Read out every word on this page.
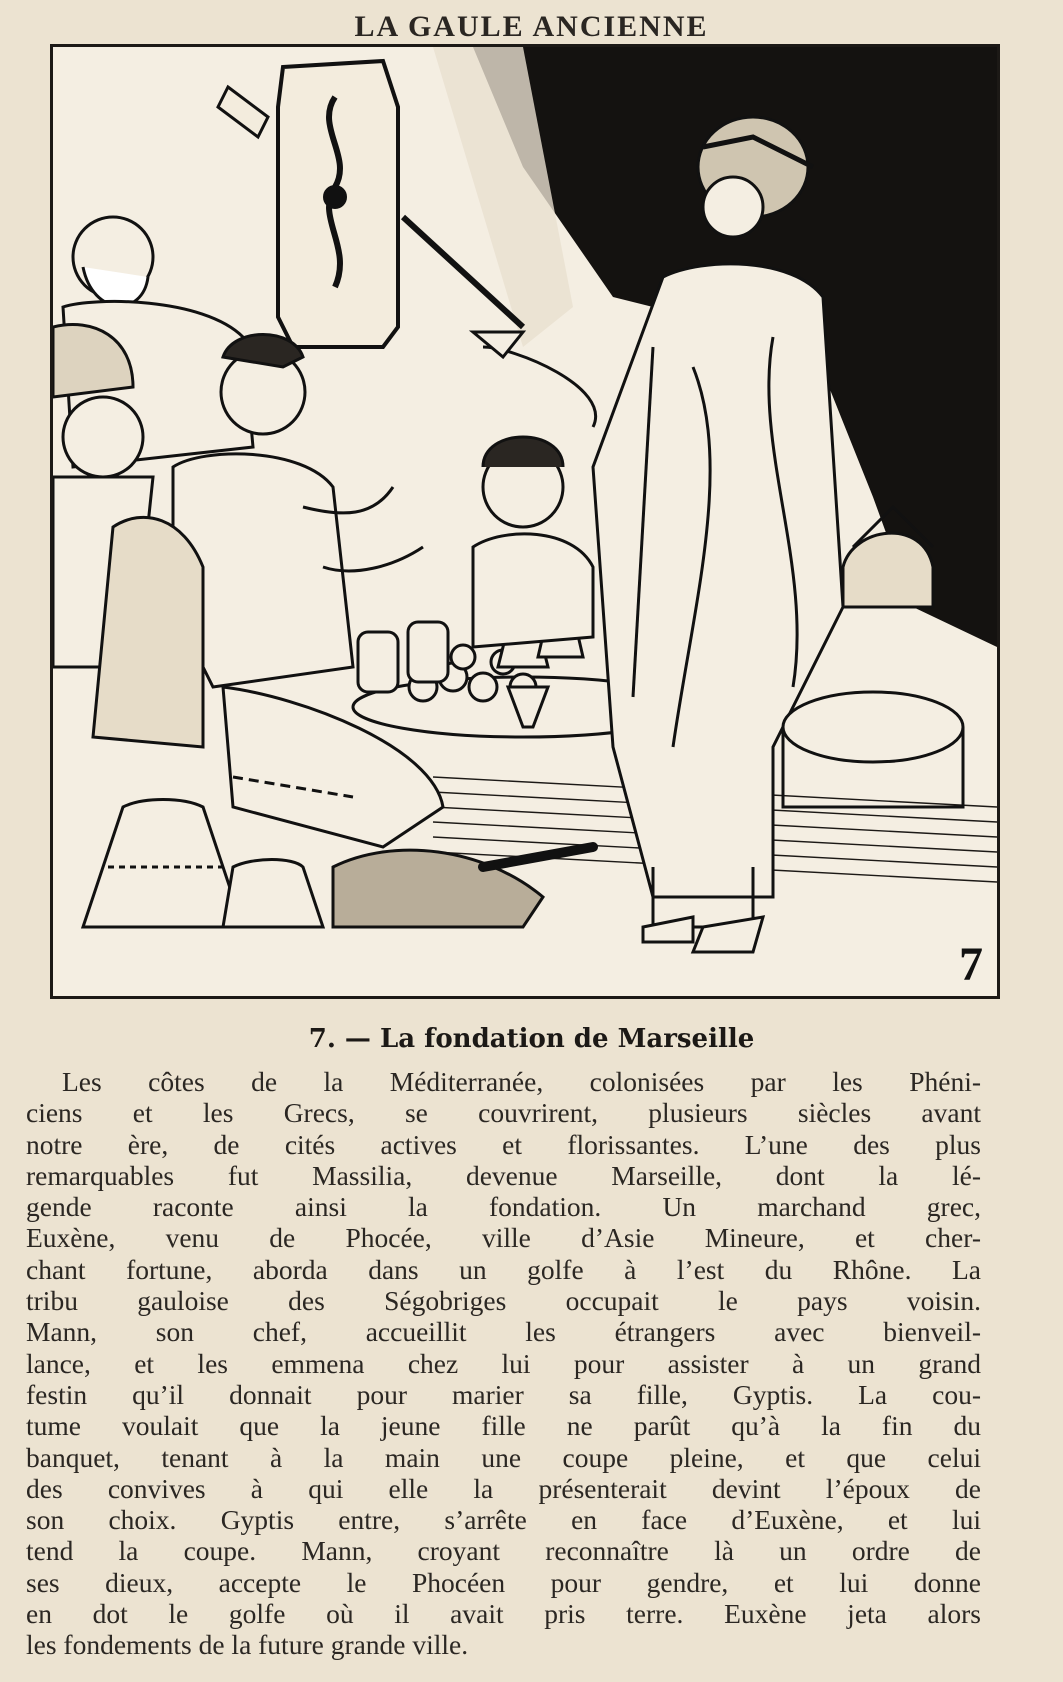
LA GAULE ANCIENNE
7
7. — La fondation de Marseille
Les côtes de la Méditerranée, colonisées par les Phéni-
ciens et les Grecs, se couvrirent, plusieurs siècles avant
notre ère, de cités actives et florissantes. L’une des plus
remarquables fut Massilia, devenue Marseille, dont la lé-
gende raconte ainsi la fondation. Un marchand grec,
Euxène, venu de Phocée, ville d’Asie Mineure, et cher-
chant fortune, aborda dans un golfe à l’est du Rhône. La
tribu gauloise des Ségobriges occupait le pays voisin.
Mann, son chef, accueillit les étrangers avec bienveil-
lance, et les emmena chez lui pour assister à un grand
festin qu’il donnait pour marier sa fille, Gyptis. La cou-
tume voulait que la jeune fille ne parût qu’à la fin du
banquet, tenant à la main une coupe pleine, et que celui
des convives à qui elle la présenterait devint l’époux de
son choix. Gyptis entre, s’arrête en face d’Euxène, et lui
tend la coupe. Mann, croyant reconnaître là un ordre de
ses dieux, accepte le Phocéen pour gendre, et lui donne
en dot le golfe où il avait pris terre. Euxène jeta alors
les fondements de la future grande ville.
